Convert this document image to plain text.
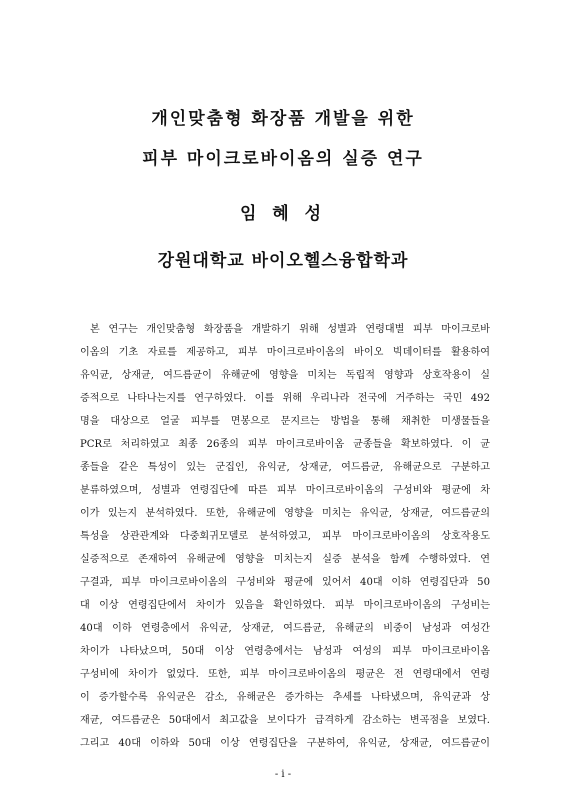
개인맞춤형 화장품 개발을 위한
피부 마이크로바이옴의 실증 연구
임 혜 성
강원대학교 바이오헬스융합학과
본 연구는 개인맞춤형 화장품을 개발하기 위해 성별과 연령대별 피부 마이크로바
이옴의 기초 자료를 제공하고, 피부 마이크로바이옴의 바이오 빅데이터를 활용하여
유익균, 상재균, 여드름균이 유해균에 영향을 미치는 독립적 영향과 상호작용이 실
증적으로 나타나는지를 연구하였다. 이를 위해 우리나라 전국에 거주하는 국민 492
명을 대상으로 얼굴 피부를 면봉으로 문지르는 방법을 통해 채취한 미생물들을
PCR로 처리하였고 최종 26종의 피부 마이크로바이옴 균종들을 확보하였다. 이 균
종들을 같은 특성이 있는 군집인, 유익균, 상재균, 여드름균, 유해균으로 구분하고
분류하였으며, 성별과 연령집단에 따른 피부 마이크로바이옴의 구성비와 평균에 차
이가 있는지 분석하였다. 또한, 유해균에 영향을 미치는 유익균, 상재균, 여드름균의
특성을 상관관계와 다중회귀모델로 분석하였고, 피부 마이크로바이옴의 상호작용도
실증적으로 존재하여 유해균에 영향을 미치는지 실증 분석을 함께 수행하였다. 연
구결과, 피부 마이크로바이옴의 구성비와 평균에 있어서 40대 이하 연령집단과 50
대 이상 연령집단에서 차이가 있음을 확인하였다. 피부 마이크로바이옴의 구성비는
40대 이하 연령층에서 유익균, 상재균, 여드름균, 유해균의 비중이 남성과 여성간
차이가 나타났으며, 50대 이상 연령층에서는 남성과 여성의 피부 마이크로바이옴
구성비에 차이가 없었다. 또한, 피부 마이크로바이옴의 평균은 전 연령대에서 연령
이 증가할수록 유익균은 감소, 유해균은 증가하는 추세를 나타냈으며, 유익균과 상
재균, 여드름균은 50대에서 최고값을 보이다가 급격하게 감소하는 변곡점을 보였다.
그리고 40대 이하와 50대 이상 연령집단을 구분하여, 유익균, 상재균, 여드름균이
- i -
